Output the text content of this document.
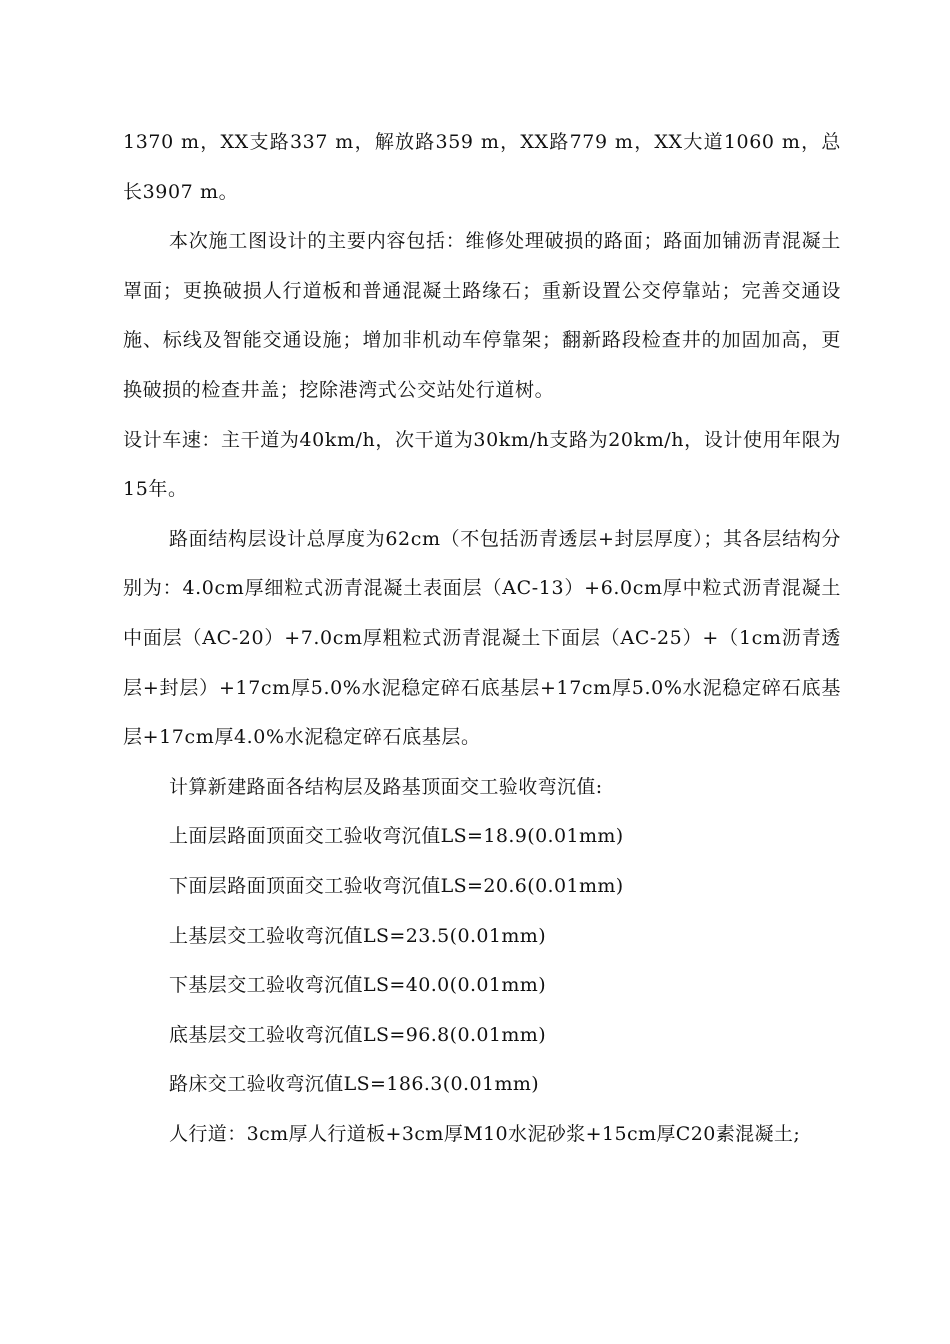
1370 m，XX支路337 m，解放路359 m，XX路779 m，XX大道1060 m，总长3907 m。

本次施工图设计的主要内容包括：维修处理破损的路面；路面加铺沥青混凝土罩面；更换破损人行道板和普通混凝土路缘石；重新设置公交停靠站；完善交通设施、标线及智能交通设施；增加非机动车停靠架；翻新路段检查井的加固加高，更换破损的检查井盖；挖除港湾式公交站处行道树。

设计车速：主干道为40km/h，次干道为30km/h支路为20km/h，设计使用年限为15年。

路面结构层设计总厚度为62cm（不包括沥青透层+封层厚度）；其各层结构分别为：4.0cm厚细粒式沥青混凝土表面层（AC-13）+6.0cm厚中粒式沥青混凝土中面层（AC-20）+7.0cm厚粗粒式沥青混凝土下面层（AC-25）+（1cm沥青透层+封层）+17cm厚5.0%水泥稳定碎石底基层+17cm厚5.0%水泥稳定碎石底基层+17cm厚4.0%水泥稳定碎石底基层。

计算新建路面各结构层及路基顶面交工验收弯沉值:

上面层路面顶面交工验收弯沉值LS=18.9(0.01mm)

下面层路面顶面交工验收弯沉值LS=20.6(0.01mm)

上基层交工验收弯沉值LS=23.5(0.01mm)

下基层交工验收弯沉值LS=40.0(0.01mm)

底基层交工验收弯沉值LS=96.8(0.01mm)

路床交工验收弯沉值LS=186.3(0.01mm)

人行道：3cm厚人行道板+3cm厚M10水泥砂浆+15cm厚C20素混凝土;
